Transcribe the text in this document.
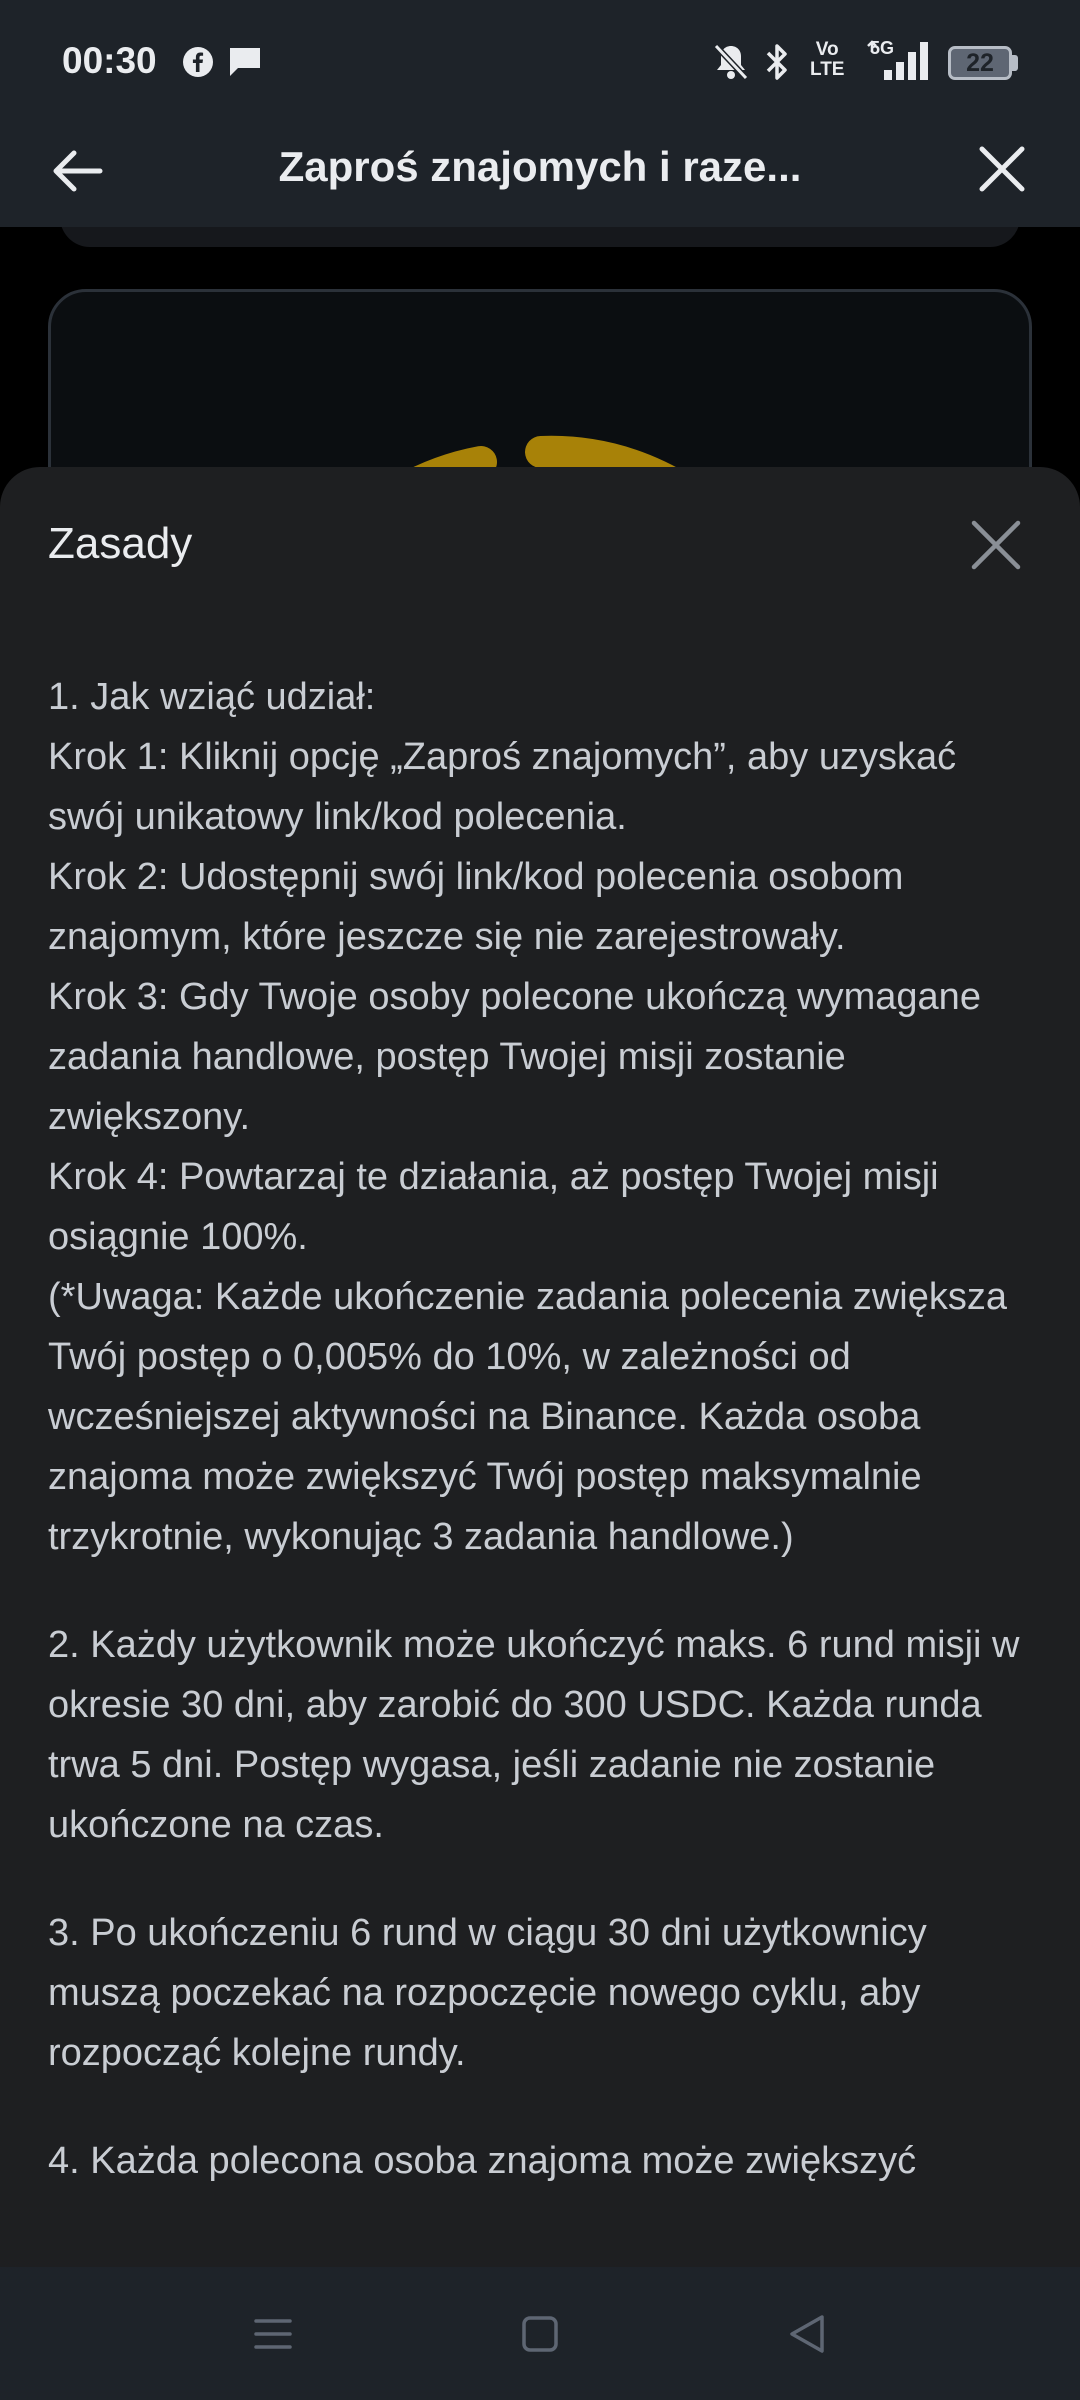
00:30	Vo
LTE
5G
22
Zaproś znajomych i raze...
Zasady

1. Jak wziąć udział:

Krok 1: Kliknij opcję „Zaproś znajomych”, aby uzyskać swój unikatowy link/kod polecenia.

Krok 2: Udostępnij swój link/kod polecenia osobom znajomym, które jeszcze się nie zarejestrowały.

Krok 3: Gdy Twoje osoby polecone ukończą wymagane zadania handlowe, postęp Twojej misji zostanie zwiększony.

Krok 4: Powtarzaj te działania, aż postęp Twojej misji osiągnie 100%.

(*Uwaga: Każde ukończenie zadania polecenia zwiększa Twój postęp o 0,005% do 10%, w zależności od wcześniejszej aktywności na Binance. Każda osoba znajoma może zwiększyć Twój postęp maksymalnie trzykrotnie, wykonując 3 zadania handlowe.)

2. Każdy użytkownik może ukończyć maks. 6 rund misji w okresie 30 dni, aby zarobić do 300 USDC. Każda runda trwa 5 dni. Postęp wygasa, jeśli zadanie nie zostanie ukończone na czas.

3. Po ukończeniu 6 rund w ciągu 30 dni użytkownicy muszą poczekać na rozpoczęcie nowego cyklu, aby rozpocząć kolejne rundy.

4. Każda polecona osoba znajoma może zwiększyć
